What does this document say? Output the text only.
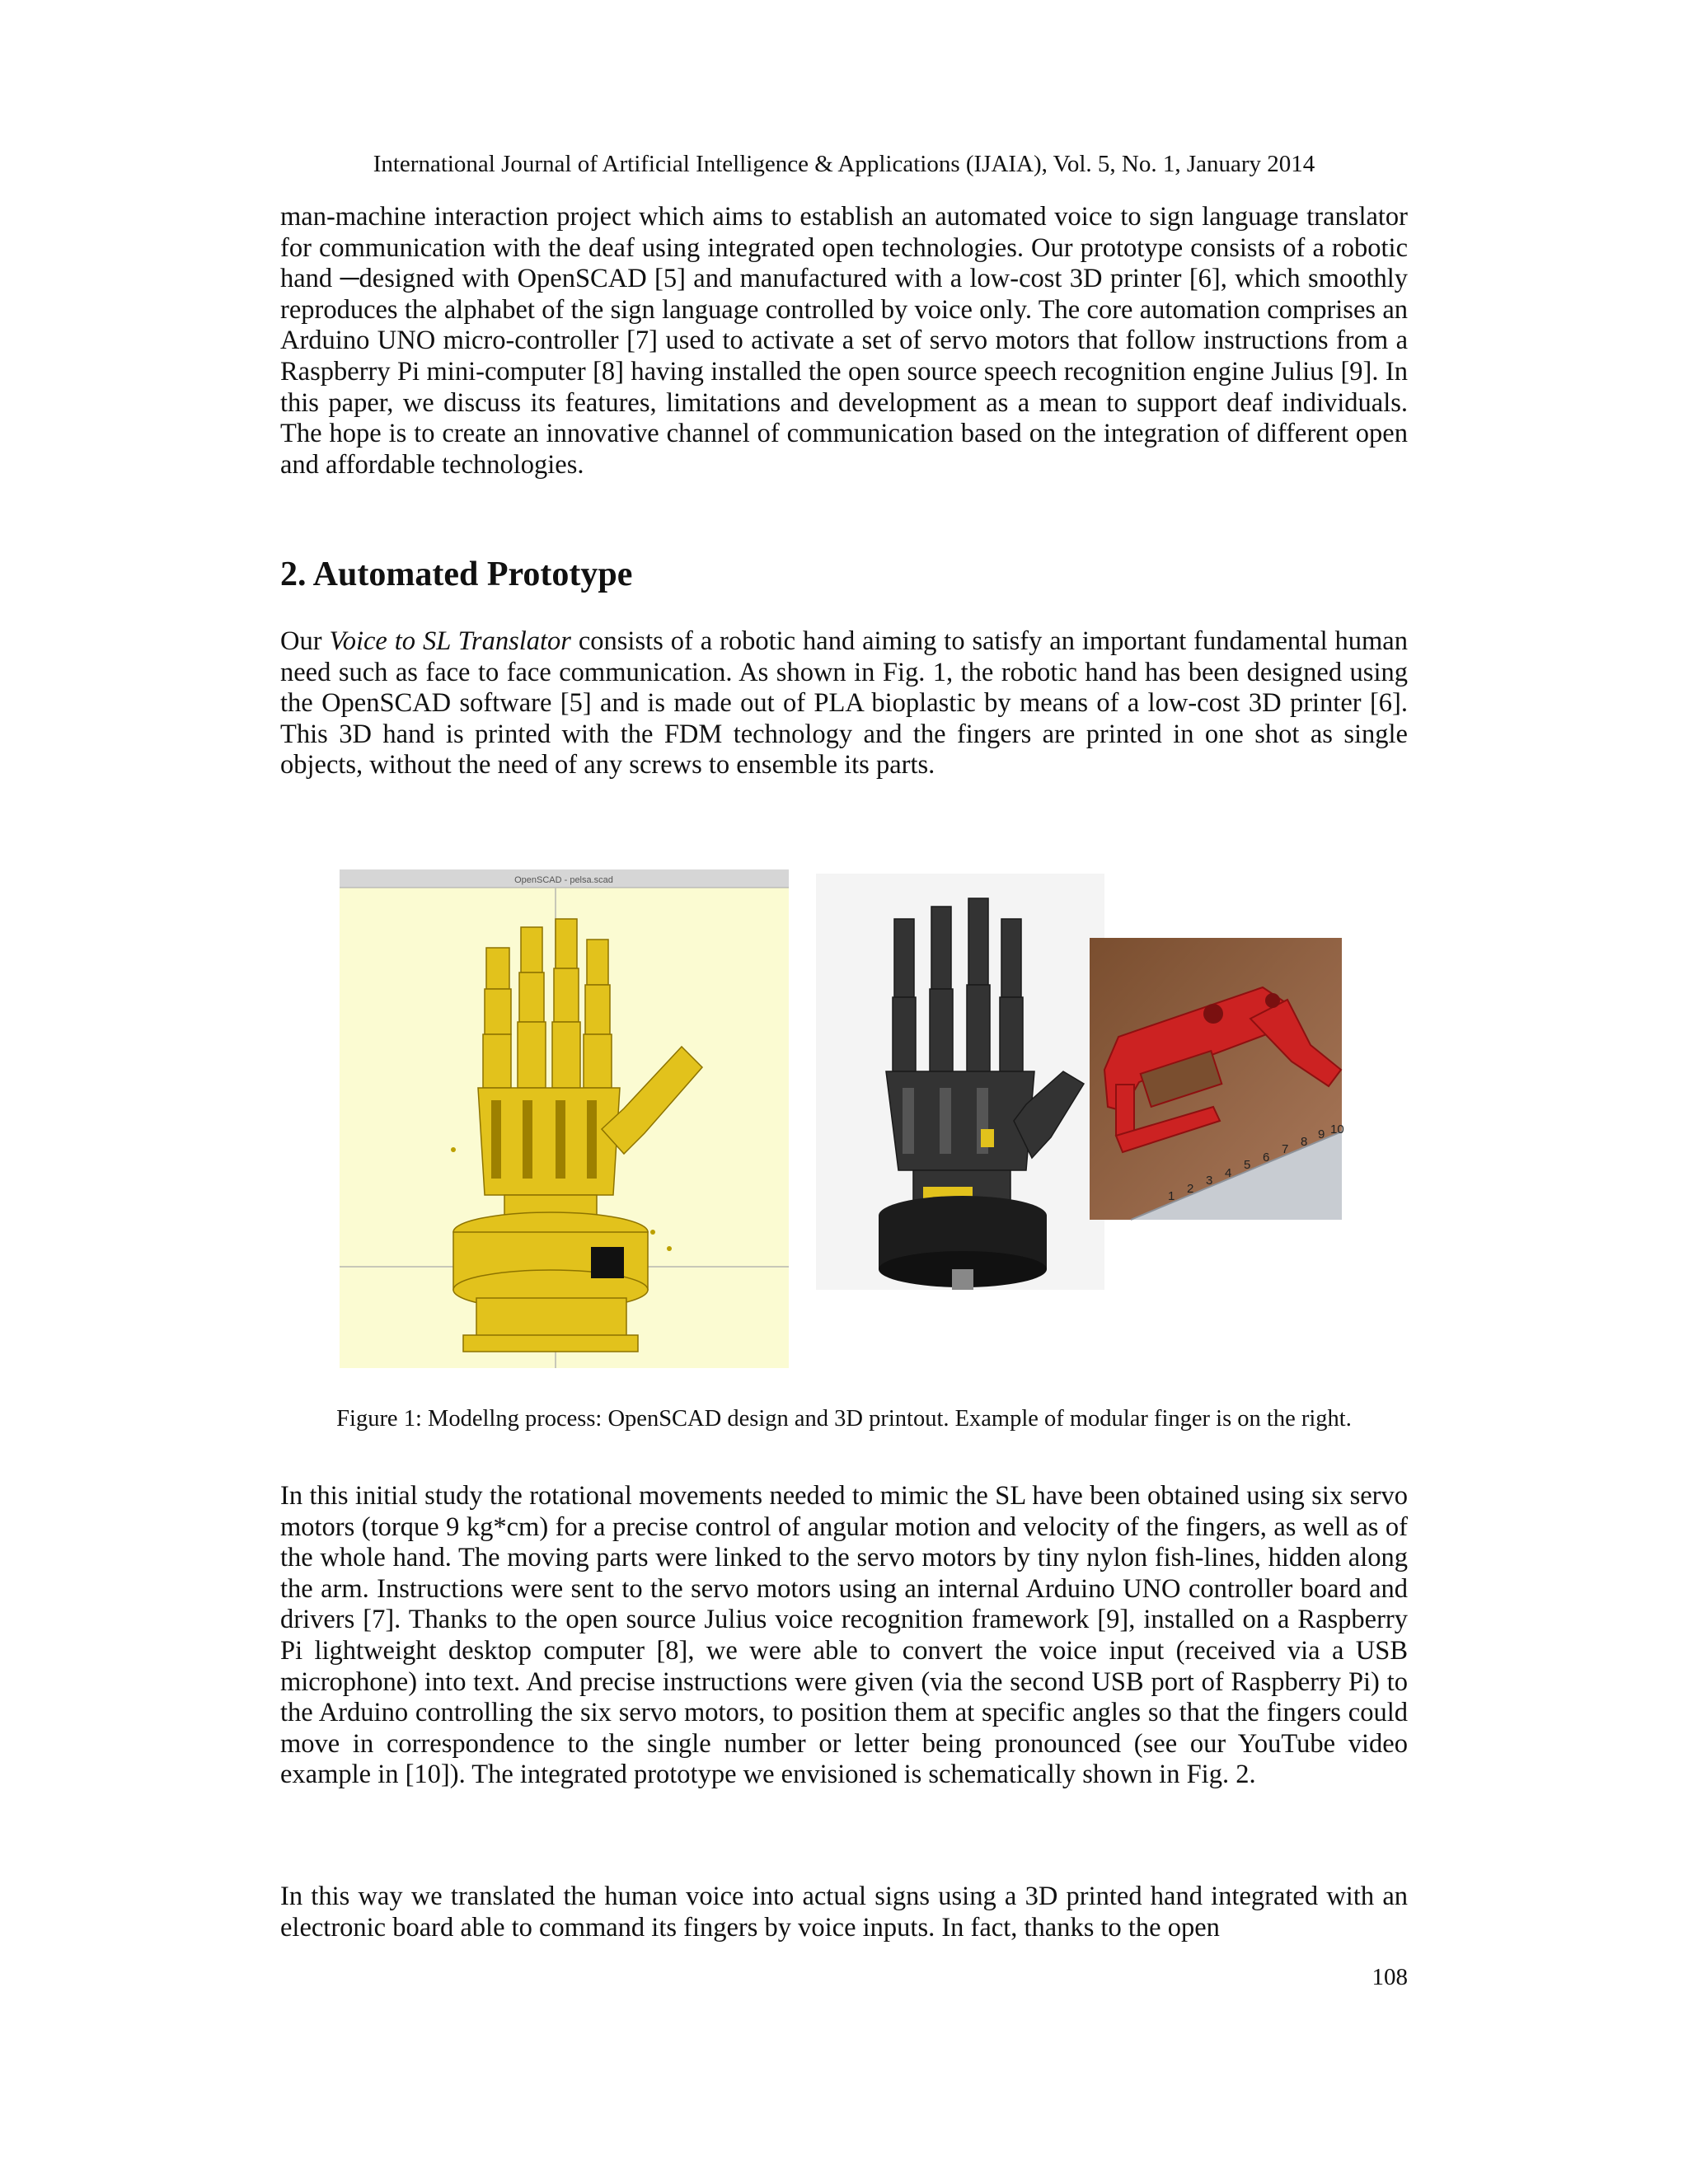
International Journal of Artificial Intelligence & Applications (IJAIA), Vol. 5, No. 1, January 2014

man-machine interaction project which aims to establish an automated voice to sign language translator for communication with the deaf using integrated open technologies. Our prototype consists of a robotic hand ─designed with OpenSCAD [5] and manufactured with a low-cost 3D printer [6], which smoothly reproduces the alphabet of the sign language controlled by voice only. The core automation comprises an Arduino UNO micro-controller [7] used to activate a set of servo motors that follow instructions from a Raspberry Pi mini-computer [8] having installed the open source speech recognition engine Julius [9]. In this paper, we discuss its features, limitations and development as a mean to support deaf individuals. The hope is to create an innovative channel of communication based on the integration of different open and affordable technologies.

2. Automated Prototype

Our Voice to SL Translator consists of a robotic hand aiming to satisfy an important fundamental human need such as face to face communication. As shown in Fig. 1, the robotic hand has been designed using the OpenSCAD software [5] and is made out of PLA bioplastic by means of a low-cost 3D printer [6]. This 3D hand is printed with the FDM technology and the fingers are printed in one shot as single objects, without the need of any screws to ensemble its parts.

OpenSCAD - pelsa.scad
1
2
3
4
5
6
7
8
9 10
Figure 1: Modellng process: OpenSCAD design and 3D printout. Example of modular finger is on the right.

In this initial study the rotational movements needed to mimic the SL have been obtained using six servo motors (torque 9 kg*cm) for a precise control of angular motion and velocity of the fingers, as well as of the whole hand. The moving parts were linked to the servo motors by tiny nylon fish-lines, hidden along the arm. Instructions were sent to the servo motors using an internal Arduino UNO controller board and drivers [7]. Thanks to the open source Julius voice recognition framework [9], installed on a Raspberry Pi lightweight desktop computer [8], we were able to convert the voice input (received via a USB microphone) into text. And precise instructions were given (via the second USB port of Raspberry Pi) to the Arduino controlling the six servo motors, to position them at specific angles so that the fingers could move in correspondence to the single number or letter being pronounced (see our YouTube video example in [10]). The integrated prototype we envisioned is schematically shown in Fig. 2.

In this way we translated the human voice into actual signs using a 3D printed hand integrated with an electronic board able to command its fingers by voice inputs. In fact, thanks to the open

108
